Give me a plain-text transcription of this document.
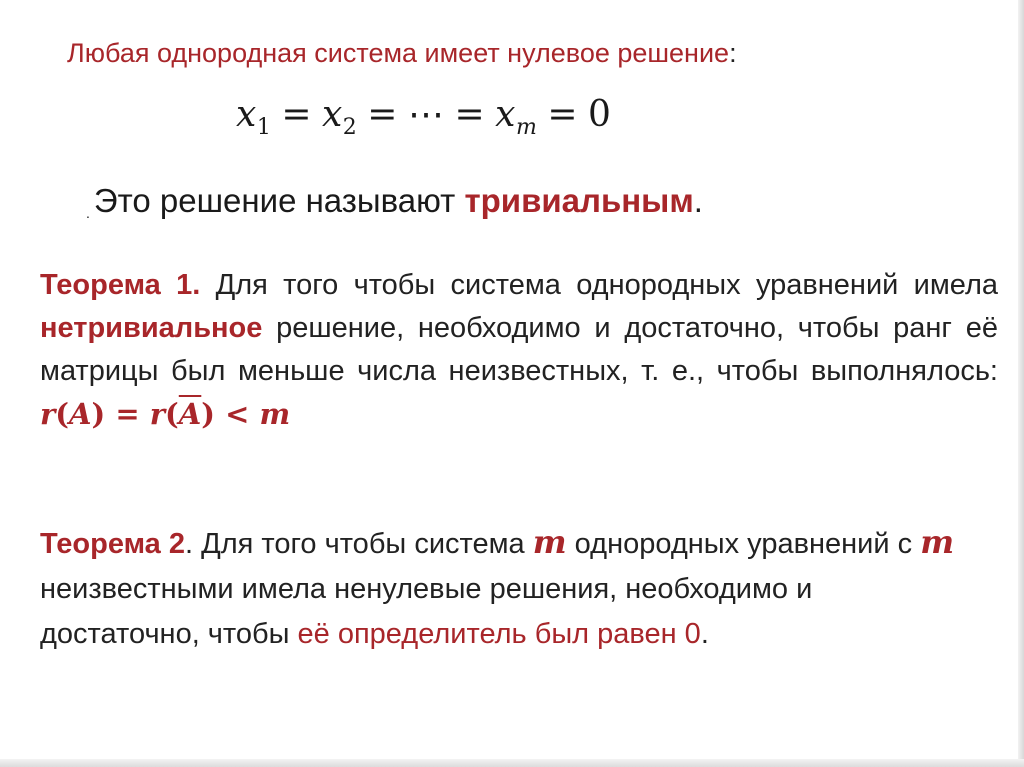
Любая однородная система имеет нулевое решение:
$x_1 = x_2$ = ⋯ = $x_m = 0$
. Это решение называют тривиальным.
Теорема 1. Для того чтобы система однородных уравнений имела нетривиальное решение, необходимо и достаточно, чтобы ранг её матрицы был меньше числа неизвестных, т. е., чтобы выполнялось: $r(A) = r(\overline{A}) < m$
Теорема 2. Для того чтобы система m однородных уравнений с m неизвестными имела ненулевые решения, необходимо и достаточно, чтобы её определитель был равен 0.
